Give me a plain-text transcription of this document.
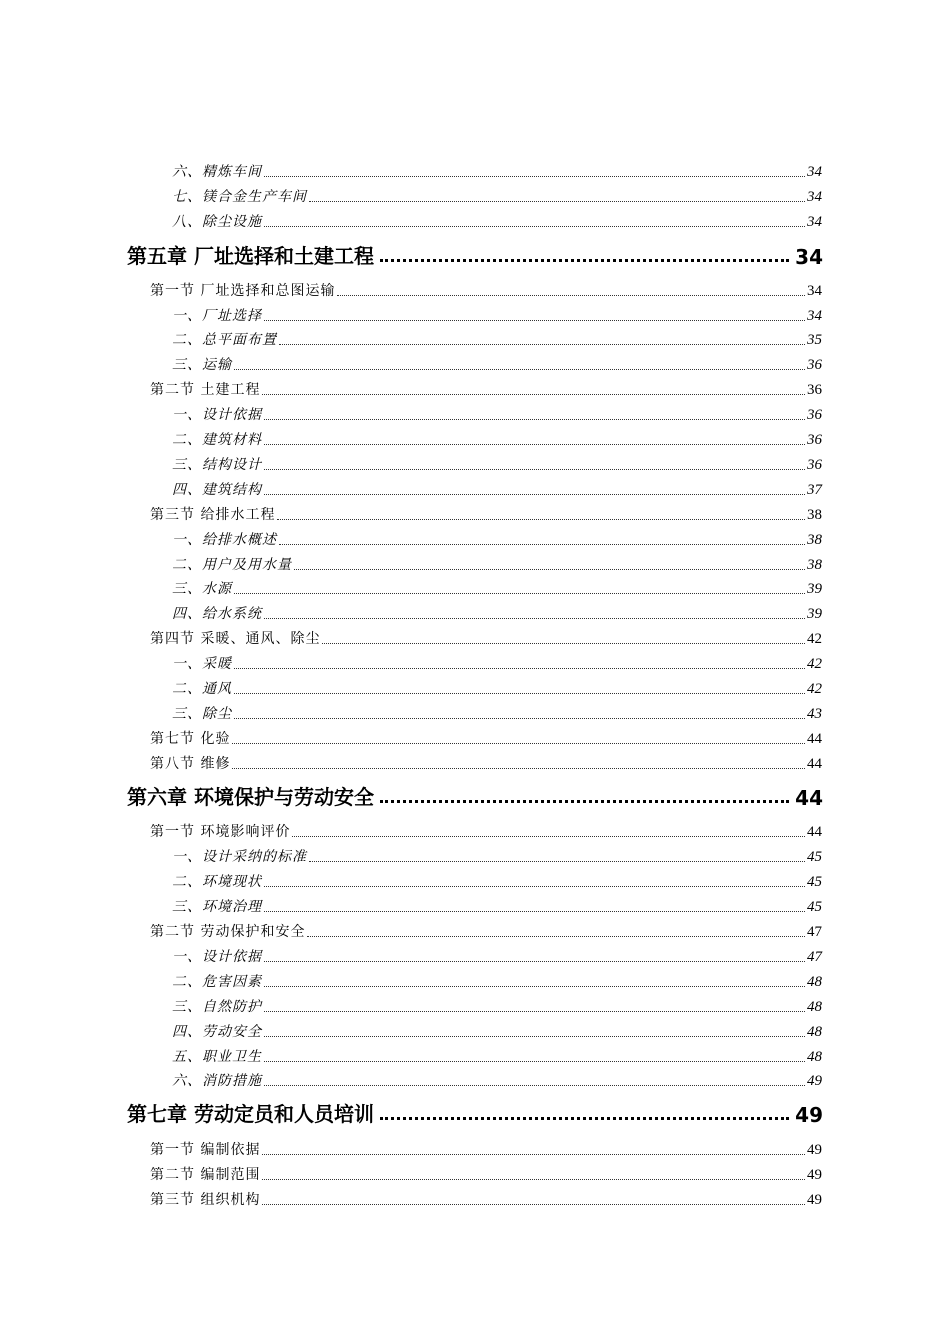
六、精炼车间	34
七、镁合金生产车间	34
八、除尘设施	34
第五章 厂址选择和土建工程	34
第一节 厂址选择和总图运输	34
一、厂址选择	34
二、总平面布置	35
三、运输	36
第二节 土建工程	36
一、设计依据	36
二、建筑材料	36
三、结构设计	36
四、建筑结构	37
第三节 给排水工程	38
一、给排水概述	38
二、用户及用水量	38
三、水源	39
四、给水系统	39
第四节 采暖、通风、除尘	42
一、采暖	42
二、通风	42
三、除尘	43
第七节 化验	44
第八节 维修	44
第六章 环境保护与劳动安全	44
第一节 环境影响评价	44
一、设计采纳的标准	45
二、环境现状	45
三、环境治理	45
第二节 劳动保护和安全	47
一、设计依据	47
二、危害因素	48
三、自然防护	48
四、劳动安全	48
五、职业卫生	48
六、消防措施	49
第七章 劳动定员和人员培训	49
第一节 编制依据	49
第二节 编制范围	49
第三节 组织机构	49
